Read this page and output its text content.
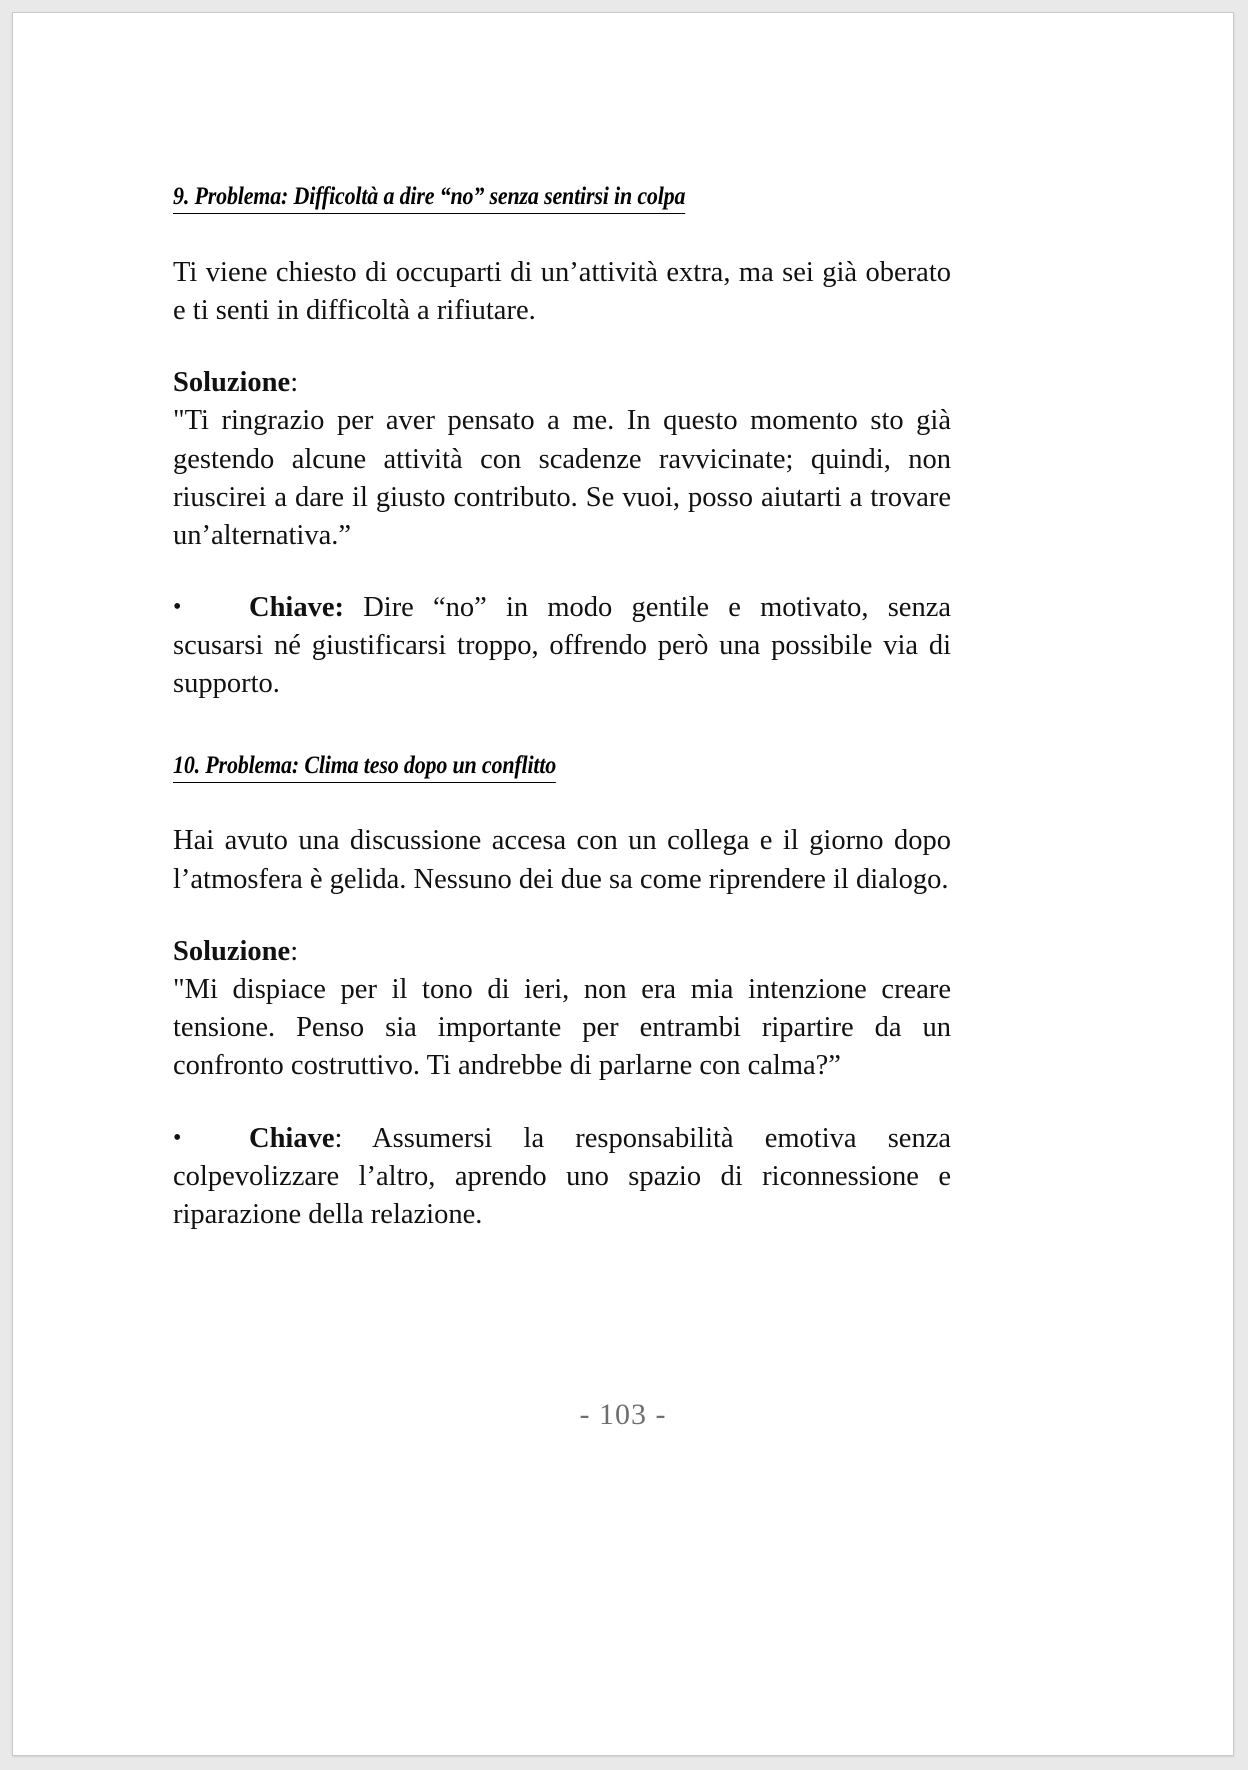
9. Problema: Difficoltà a dire “no” senza sentirsi in colpa

Ti viene chiesto di occuparti di un’attività extra, ma sei già oberato e ti senti in difficoltà a rifiutare.

Soluzione:

"Ti ringrazio per aver pensato a me. In questo momento sto già gestendo alcune attività con scadenze ravvicinate; quindi, non riuscirei a dare il giusto contributo. Se vuoi, posso aiutarti a trovare un’alternativa.”

• Chiave: Dire “no” in modo gentile e motivato, senza scusarsi né giustificarsi troppo, offrendo però una possibile via di supporto.

10. Problema: Clima teso dopo un conflitto

Hai avuto una discussione accesa con un collega e il giorno dopo l’atmosfera è gelida. Nessuno dei due sa come riprendere il dialogo.

Soluzione:

"Mi dispiace per il tono di ieri, non era mia intenzione creare tensione. Penso sia importante per entrambi ripartire da un confronto costruttivo. Ti andrebbe di parlarne con calma?”

• Chiave: Assumersi la responsabilità emotiva senza colpevolizzare l’altro, aprendo uno spazio di riconnessione e riparazione della relazione.

- 103 -
